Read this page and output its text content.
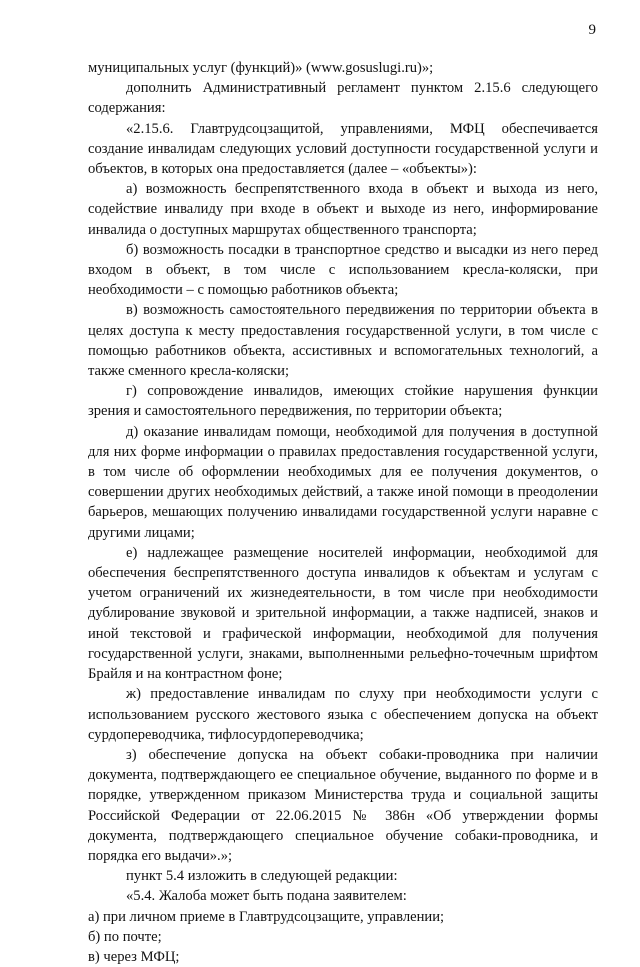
9

муниципальных услуг (функций)» (www.gosuslugi.ru)»;

дополнить Административный регламент пунктом 2.15.6 следующего содержания:

«2.15.6. Главтрудсоцзащитой, управлениями, МФЦ обеспечивается создание инвалидам следующих условий доступности государственной услуги и объектов, в которых она предоставляется (далее – «объекты»):

а) возможность беспрепятственного входа в объект и выхода из него, содействие инвалиду при входе в объект и выходе из него, информирование инвалида о доступных маршрутах общественного транспорта;

б) возможность посадки в транспортное средство и высадки из него перед входом в объект, в том числе с использованием кресла-коляски, при необходимости – с помощью работников объекта;

в) возможность самостоятельного передвижения по территории объекта в целях доступа к месту предоставления государственной услуги, в том числе с помощью работников объекта, ассистивных и вспомогательных технологий, а также сменного кресла-коляски;

г) сопровождение инвалидов, имеющих стойкие нарушения функции зрения и самостоятельного передвижения, по территории объекта;

д) оказание инвалидам помощи, необходимой для получения в доступной для них форме информации о правилах предоставления государственной услуги, в том числе об оформлении необходимых для ее получения документов, о совершении других необходимых действий, а также иной помощи в преодолении барьеров, мешающих получению инвалидами государственной услуги наравне с другими лицами;

е) надлежащее размещение носителей информации, необходимой для обеспечения беспрепятственного доступа инвалидов к объектам и услугам с учетом ограничений их жизнедеятельности, в том числе при необходимости дублирование звуковой и зрительной информации, а также надписей, знаков и иной текстовой и графической информации, необходимой для получения государственной услуги, знаками, выполненными рельефно-точечным шрифтом Брайля и на контрастном фоне;

ж) предоставление инвалидам по слуху при необходимости услуги с использованием русского жестового языка с обеспечением допуска на объект сурдопереводчика, тифлосурдопереводчика;

з) обеспечение допуска на объект собаки-проводника при наличии документа, подтверждающего ее специальное обучение, выданного по форме и в порядке, утвержденном приказом Министерства труда и социальной защиты Российской Федерации от 22.06.2015 № 386н «Об утверждении формы документа, подтверждающего специальное обучение собаки-проводника, и порядка его выдачи».»;

пункт 5.4 изложить в следующей редакции:

«5.4. Жалоба может быть подана заявителем:

а) при личном приеме в Главтрудсоцзащите, управлении;

б) по почте;

в) через МФЦ;
